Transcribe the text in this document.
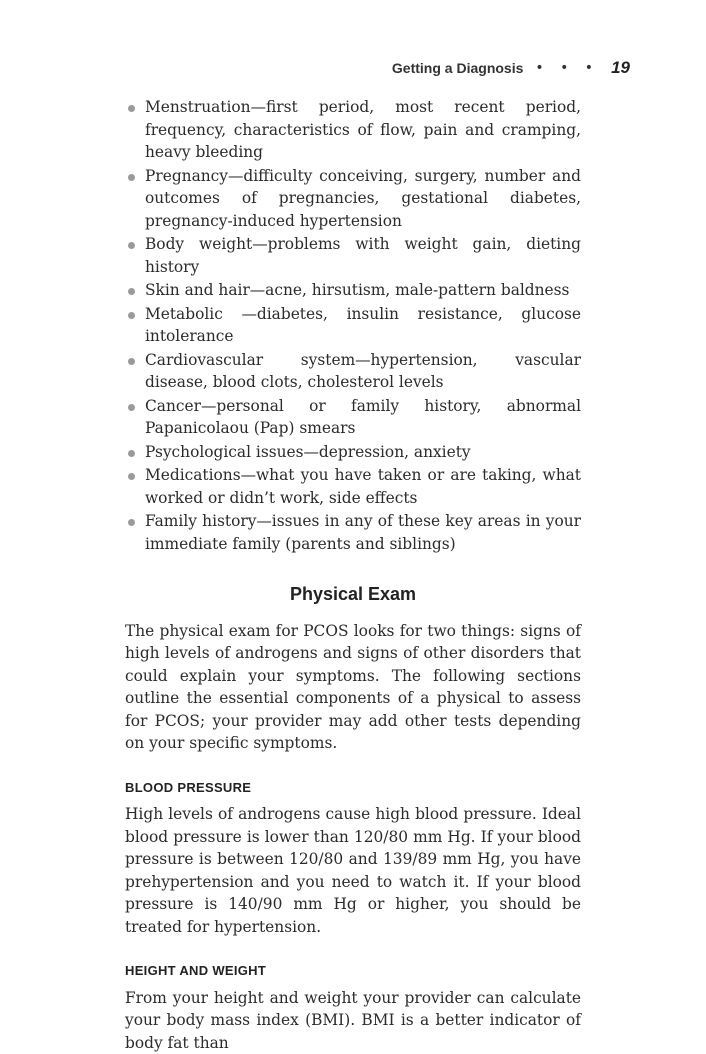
Getting a Diagnosis • • • 19
Menstruation—first period, most recent period, frequency, characteristics of flow, pain and cramping, heavy bleeding
Pregnancy—difficulty conceiving, surgery, number and outcomes of pregnancies, gestational diabetes, pregnancy-induced hypertension
Body weight—problems with weight gain, dieting history
Skin and hair—acne, hirsutism, male-pattern baldness
Metabolic —diabetes, insulin resistance, glucose intolerance
Cardiovascular system—hypertension, vascular disease, blood clots, cholesterol levels
Cancer—personal or family history, abnormal Papanicolaou (Pap) smears
Psychological issues—depression, anxiety
Medications—what you have taken or are taking, what worked or didn’t work, side effects
Family history—issues in any of these key areas in your immediate family (parents and siblings)
Physical Exam

The physical exam for PCOS looks for two things: signs of high levels of androgens and signs of other disorders that could explain your symptoms. The following sections outline the essential components of a physical to assess for PCOS; your provider may add other tests depending on your specific symptoms.

BLOOD PRESSURE

High levels of androgens cause high blood pressure. Ideal blood pressure is lower than 120/80 mm Hg. If your blood pressure is between 120/80 and 139/89 mm Hg, you have prehypertension and you need to watch it. If your blood pressure is 140/90 mm Hg or higher, you should be treated for hypertension.

HEIGHT AND WEIGHT

From your height and weight your provider can calculate your body mass index (BMI). BMI is a better indicator of body fat than
